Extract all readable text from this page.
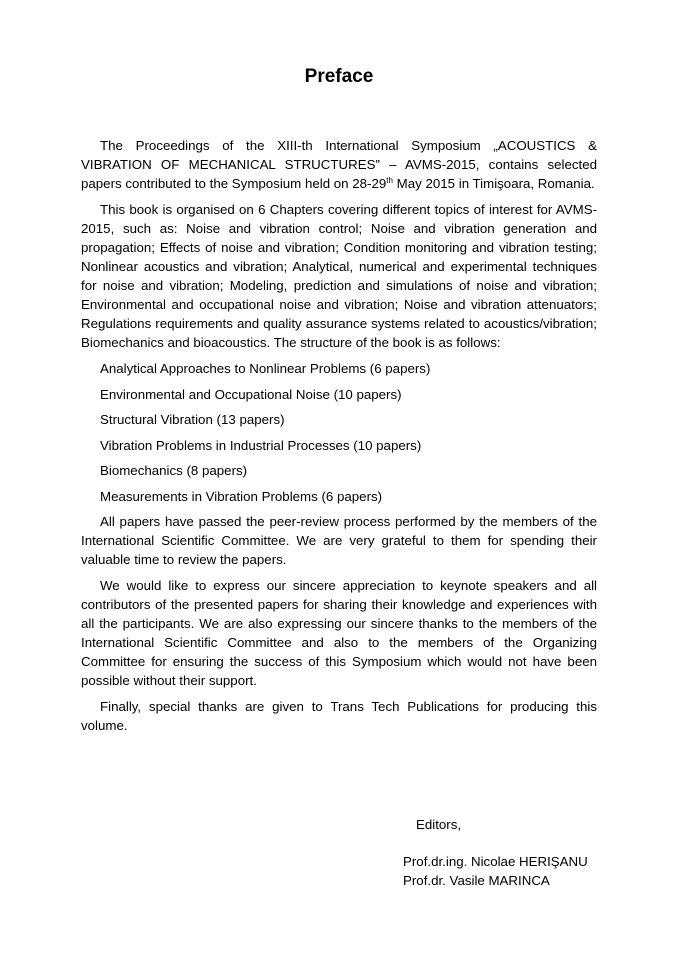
Preface

The Proceedings of the XIII-th International Symposium „ACOUSTICS & VIBRATION OF MECHANICAL STRUCTURES” – AVMS-2015, contains selected papers contributed to the Symposium held on 28-29th May 2015 in Timişoara, Romania.

This book is organised on 6 Chapters covering different topics of interest for AVMS-2015, such as: Noise and vibration control; Noise and vibration generation and propagation; Effects of noise and vibration; Condition monitoring and vibration testing; Nonlinear acoustics and vibration; Analytical, numerical and experimental techniques for noise and vibration; Modeling, prediction and simulations of noise and vibration; Environmental and occupational noise and vibration; Noise and vibration attenuators; Regulations requirements and quality assurance systems related to acoustics/vibration; Biomechanics and bioacoustics. The structure of the book is as follows:

Analytical Approaches to Nonlinear Problems (6 papers)
Environmental and Occupational Noise (10 papers)
Structural Vibration (13 papers)
Vibration Problems in Industrial Processes (10 papers)
Biomechanics (8 papers)
Measurements in Vibration Problems (6 papers)

All papers have passed the peer-review process performed by the members of the International Scientific Committee. We are very grateful to them for spending their valuable time to review the papers.

We would like to express our sincere appreciation to keynote speakers and all contributors of the presented papers for sharing their knowledge and experiences with all the participants. We are also expressing our sincere thanks to the members of the International Scientific Committee and also to the members of the Organizing Committee for ensuring the success of this Symposium which would not have been possible without their support.

Finally, special thanks are given to Trans Tech Publications for producing this volume.

Editors,
Prof.dr.ing. Nicolae HERIŞANU
Prof.dr. Vasile MARINCA
